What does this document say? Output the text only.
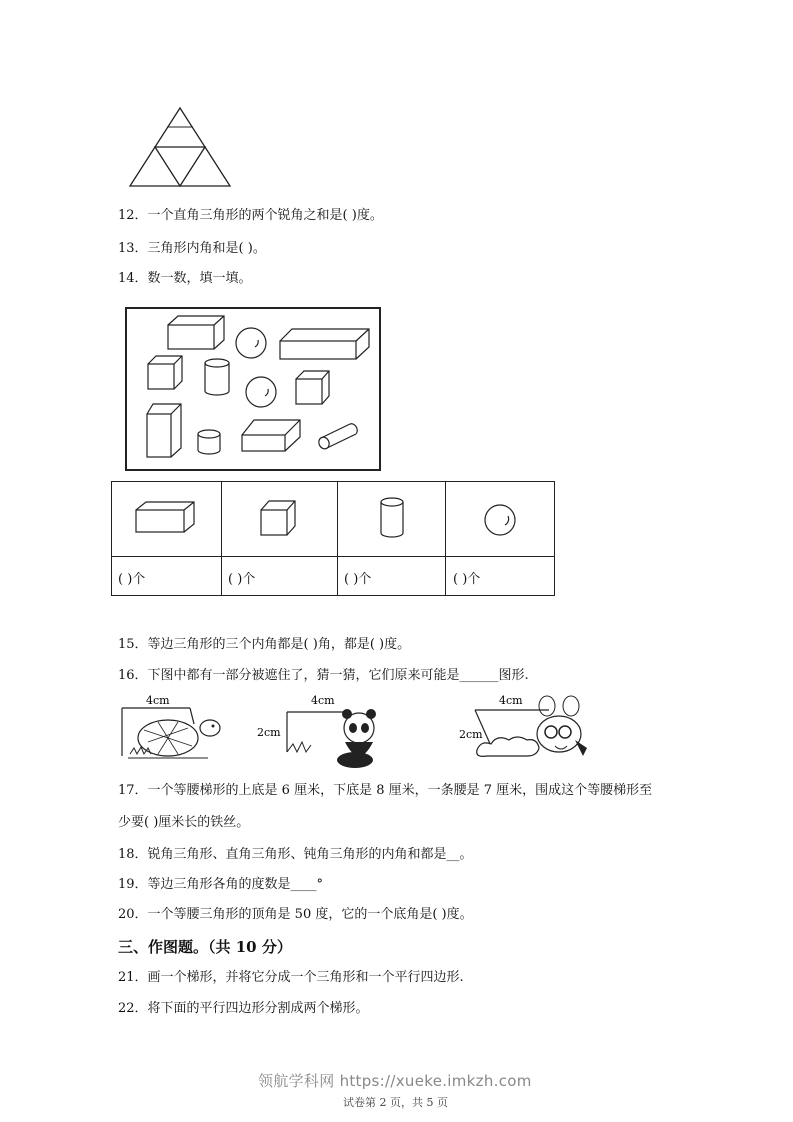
12．一个直角三角形的两个锐角之和是( )度。
13．三角形内角和是( )。
14．数一数，填一填。
( )个	( )个	( )个	( )个
15．等边三角形的三个内角都是( )角，都是( )度。
16．下图中都有一部分被遮住了，猜一猜，它们原来可能是______图形.
4cm	4cm
2cm
4cm
2cm
17．一个等腰梯形的上底是 6 厘米，下底是 8 厘米，一条腰是 7 厘米，围成这个等腰梯形至
少要( )厘米长的铁丝。
18．锐角三角形、直角三角形、钝角三角形的内角和都是__。
19．等边三角形各角的度数是____°
20．一个等腰三角形的顶角是 50 度，它的一个底角是( )度。
三、作图题。（共 10 分）
21．画一个梯形，并将它分成一个三角形和一个平行四边形.
22．将下面的平行四边形分割成两个梯形。
领航学科网 https://xueke.imkzh.com
试卷第 2 页，共 5 页
